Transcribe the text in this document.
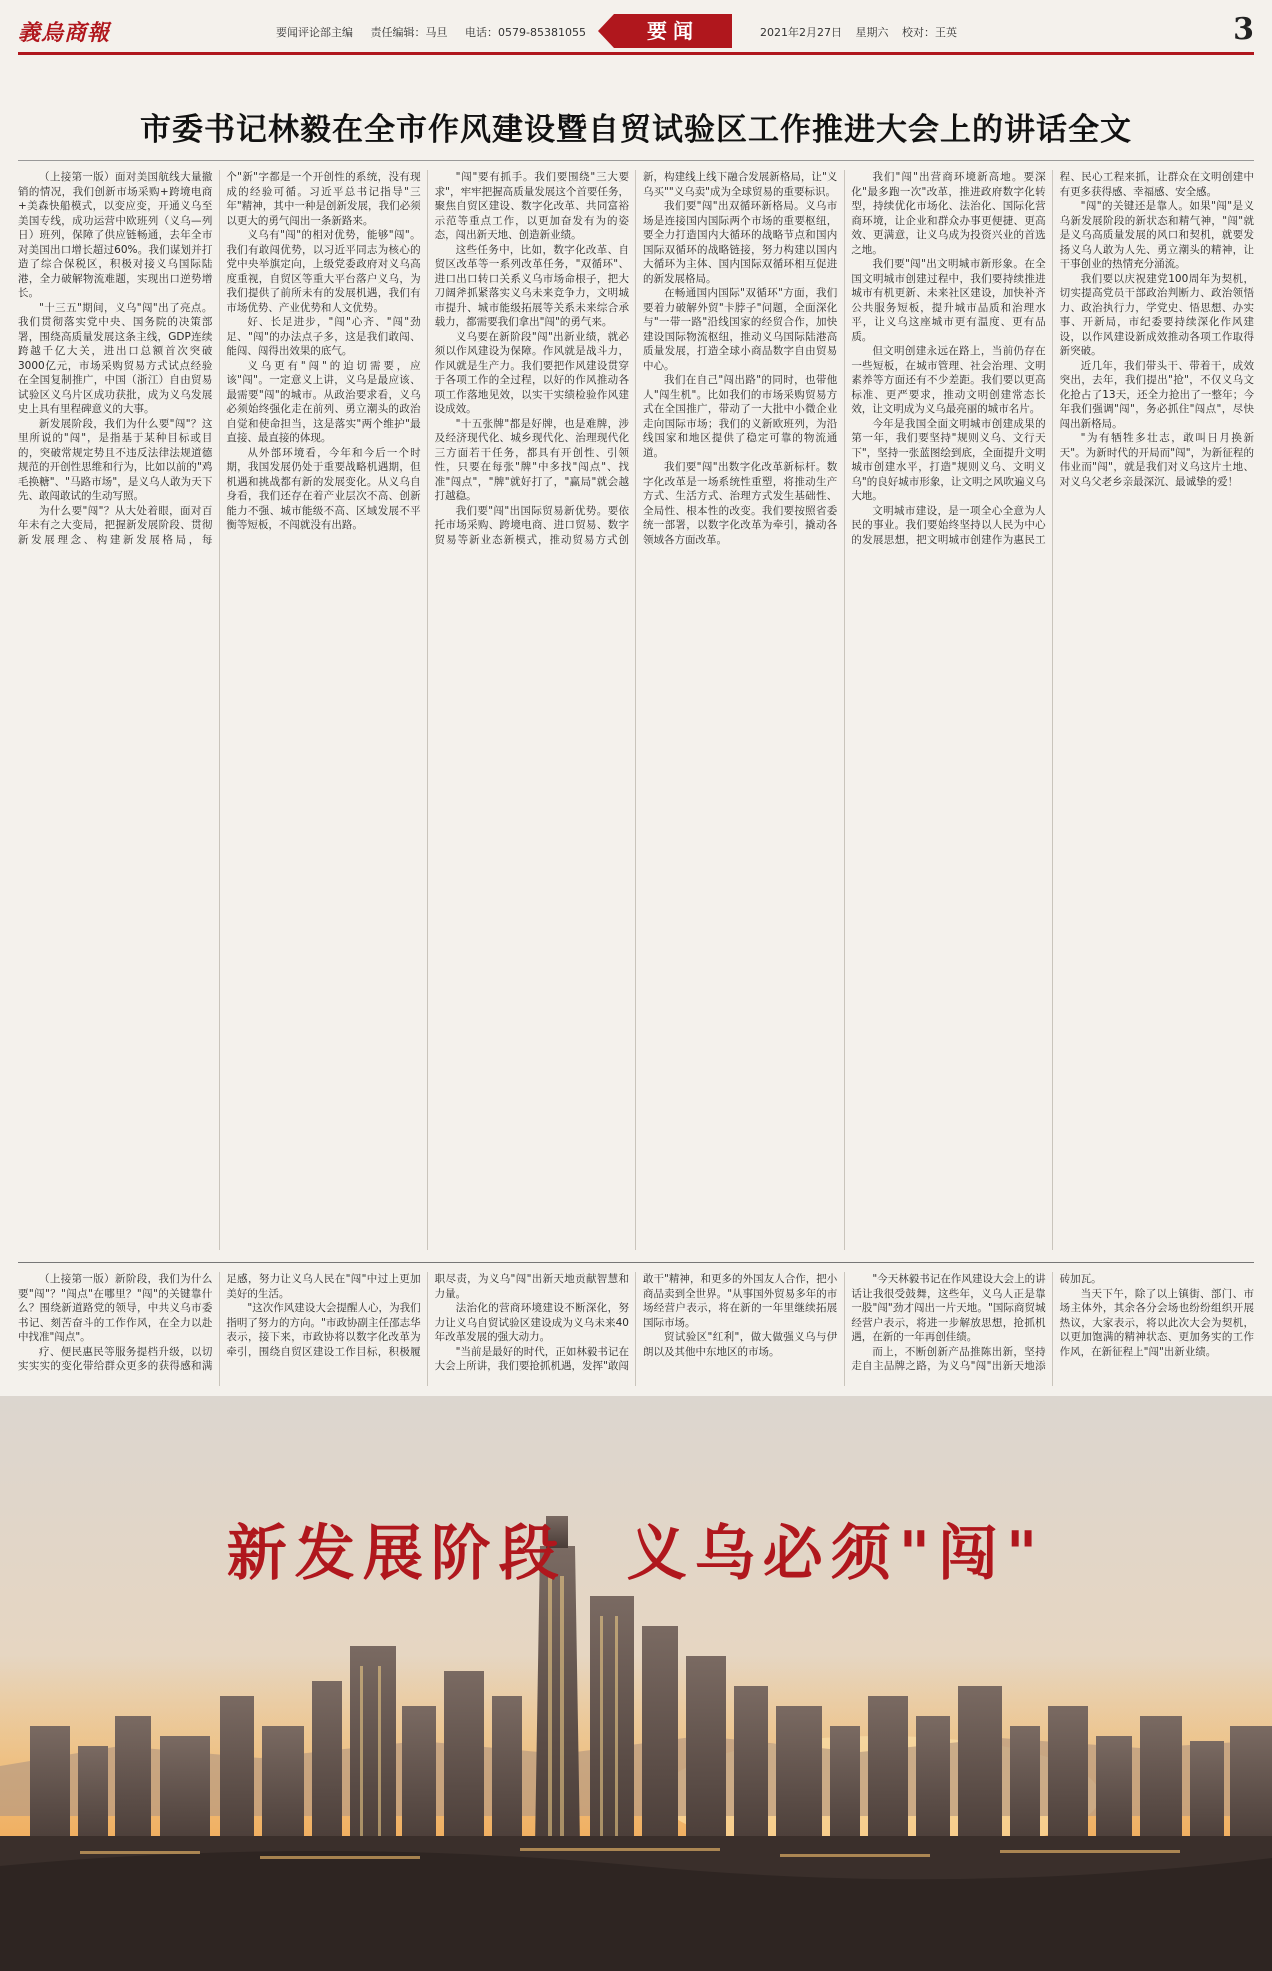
義烏商報	要闻评论部主编 责任编辑：马旦 电话：0579-85381055	要闻	2021年2月27日 星期六 校对：王英	3
市委书记林毅在全市作风建设暨自贸试验区工作推进大会上的讲话全文

（上接第一版）面对美国航线大量撤销的情况，我们创新市场采购+跨境电商+美森快船模式，以变应变，开通义乌至美国专线，成功运营中欧班列（义乌—列日）班列，保障了供应链畅通，去年全市对美国出口增长超过60%。我们谋划并打造了综合保税区，积极对接义乌国际陆港，全力破解物流难题，实现出口逆势增长。

"十三五"期间，义乌"闯"出了亮点。我们贯彻落实党中央、国务院的决策部署，围绕高质量发展这条主线，GDP连续跨越千亿大关，进出口总额首次突破3000亿元，市场采购贸易方式试点经验在全国复制推广，中国（浙江）自由贸易试验区义乌片区成功获批，成为义乌发展史上具有里程碑意义的大事。

新发展阶段，我们为什么要"闯"？这里所说的"闯"，是指基于某种目标或目的，突破常规定势且不违反法律法规道德规范的开创性思维和行为，比如以前的"鸡毛换糖"、"马路市场"，是义乌人敢为天下先、敢闯敢试的生动写照。

为什么要"闯"？从大处着眼，面对百年未有之大变局，把握新发展阶段、贯彻新发展理念、构建新发展格局，每个"新"字都是一个开创性的系统，没有现成的经验可循。习近平总书记指导"三年"精神，其中一种是创新发展，我们必须以更大的勇气闯出一条新路来。

义乌有"闯"的相对优势，能够"闯"。我们有敢闯优势，以习近平同志为核心的党中央举旗定向，上级党委政府对义乌高度重视，自贸区等重大平台落户义乌，为我们提供了前所未有的发展机遇，我们有市场优势、产业优势和人文优势。

好、长足进步，"闯"心齐、"闯"劲足、"闯"的办法点子多，这是我们敢闯、能闯、闯得出效果的底气。

义乌更有"闯"的迫切需要，应该"闯"。一定意义上讲，义乌是最应该、最需要"闯"的城市。从政治要求看，义乌必须始终强化走在前列、勇立潮头的政治自觉和使命担当，这是落实"两个维护"最直接、最直接的体现。

从外部环境看，今年和今后一个时期，我国发展仍处于重要战略机遇期，但机遇和挑战都有新的发展变化。从义乌自身看，我们还存在着产业层次不高、创新能力不强、城市能级不高、区域发展不平衡等短板，不闯就没有出路。

"闯"要有抓手。我们要围绕"三大要求"，牢牢把握高质量发展这个首要任务，聚焦自贸区建设、数字化改革、共同富裕示范等重点工作，以更加奋发有为的姿态，闯出新天地、创造新业绩。

这些任务中，比如，数字化改革、自贸区改革等一系列改革任务，"双循环"、进口出口转口关系义乌市场命根子，把大刀阔斧抓紧落实义乌未来竞争力，文明城市提升、城市能级拓展等关系未来综合承载力，都需要我们拿出"闯"的勇气来。

义乌要在新阶段"闯"出新业绩，就必须以作风建设为保障。作风就是战斗力，作风就是生产力。我们要把作风建设贯穿于各项工作的全过程，以好的作风推动各项工作落地见效，以实干实绩检验作风建设成效。

"十五张牌"都是好牌，也是难牌，涉及经济现代化、城乡现代化、治理现代化三方面若干任务，都具有开创性、引领性，只要在每张"牌"中多找"闯点"、找准"闯点"，"牌"就好打了，"赢局"就会越打越稳。

我们要"闯"出国际贸易新优势。要依托市场采购、跨境电商、进口贸易、数字贸易等新业态新模式，推动贸易方式创新，构建线上线下融合发展新格局，让"义乌买""义乌卖"成为全球贸易的重要标识。

我们要"闯"出双循环新格局。义乌市场是连接国内国际两个市场的重要枢纽，要全力打造国内大循环的战略节点和国内国际双循环的战略链接，努力构建以国内大循环为主体、国内国际双循环相互促进的新发展格局。

在畅通国内国际"双循环"方面，我们要着力破解外贸"卡脖子"问题，全面深化与"一带一路"沿线国家的经贸合作，加快建设国际物流枢纽，推动义乌国际陆港高质量发展，打造全球小商品数字自由贸易中心。

我们在自己"闯出路"的同时，也带他人"闯生机"。比如我们的市场采购贸易方式在全国推广，带动了一大批中小微企业走向国际市场；我们的义新欧班列，为沿线国家和地区提供了稳定可靠的物流通道。

我们要"闯"出数字化改革新标杆。数字化改革是一场系统性重塑，将推动生产方式、生活方式、治理方式发生基础性、全局性、根本性的改变。我们要按照省委统一部署，以数字化改革为牵引，撬动各领域各方面改革。

我们"闯"出营商环境新高地。要深化"最多跑一次"改革，推进政府数字化转型，持续优化市场化、法治化、国际化营商环境，让企业和群众办事更便捷、更高效、更满意，让义乌成为投资兴业的首选之地。

我们要"闯"出文明城市新形象。在全国文明城市创建过程中，我们要持续推进城市有机更新、未来社区建设，加快补齐公共服务短板，提升城市品质和治理水平，让义乌这座城市更有温度、更有品质。

但文明创建永远在路上，当前仍存在一些短板，在城市管理、社会治理、文明素养等方面还有不少差距。我们要以更高标准、更严要求，推动文明创建常态长效，让文明成为义乌最亮丽的城市名片。

今年是我国全面文明城市创建成果的第一年，我们要坚持"规则义乌、文行天下"，坚持一张蓝图绘到底，全面提升文明城市创建水平，打造"规则义乌、文明义乌"的良好城市形象，让文明之风吹遍义乌大地。

文明城市建设，是一项全心全意为人民的事业。我们要始终坚持以人民为中心的发展思想，把文明城市创建作为惠民工程、民心工程来抓，让群众在文明创建中有更多获得感、幸福感、安全感。

"闯"的关键还是靠人。如果"闯"是义乌新发展阶段的新状态和精气神，"闯"就是义乌高质量发展的风口和契机，就要发扬义乌人敢为人先、勇立潮头的精神，让干事创业的热情充分涌流。

我们要以庆祝建党100周年为契机，切实提高党员干部政治判断力、政治领悟力、政治执行力，学党史、悟思想、办实事、开新局，市纪委要持续深化作风建设，以作风建设新成效推动各项工作取得新突破。

近几年，我们带头干、带着干，成效突出，去年，我们提出"抢"，不仅义乌文化抢占了13天，还全力抢出了一整年；今年我们强调"闯"，务必抓住"闯点"，尽快闯出新格局。

"为有牺牲多壮志，敢叫日月换新天"。为新时代的开局而"闯"，为新征程的伟业而"闯"，就是我们对义乌这片土地、对义乌父老乡亲最深沉、最诚挚的爱！

（上接第一版）新阶段，我们为什么要"闯"？"闯点"在哪里？"闯"的关键靠什么？围绕新道路党的领导，中共义乌市委书记、刻苦奋斗的工作作风，在全力以赴中找准"闯点"。

疗、便民惠民等服务提档升级，以切实实实的变化带给群众更多的获得感和满足感，努力让义乌人民在"闯"中过上更加美好的生活。

"这次作风建设大会提醒人心，为我们指明了努力的方向。"市政协副主任邵志华表示，接下来，市政协将以数字化改革为牵引，围绕自贸区建设工作目标，积极履职尽责，为义乌"闯"出新天地贡献智慧和力量。

法治化的营商环境建设不断深化，努力让义乌自贸试验区建设成为义乌未来40年改革发展的强大动力。

"当前是最好的时代，正如林毅书记在大会上所讲，我们要抢抓机遇，发挥"敢闯敢干"精神，和更多的外国友人合作，把小商品卖到全世界。"从事国外贸易多年的市场经营户表示，将在新的一年里继续拓展国际市场。

贸试验区"红利"，做大做强义乌与伊朗以及其他中东地区的市场。

"今天林毅书记在作风建设大会上的讲话让我很受鼓舞，这些年，义乌人正是靠一股"闯"劲才闯出一片天地。"国际商贸城经营户表示，将进一步解放思想，抢抓机遇，在新的一年再创佳绩。

而上，不断创新产品推陈出新，坚持走自主品牌之路，为义乌"闯"出新天地添砖加瓦。

当天下午，除了以上镇街、部门、市场主体外，其余各分会场也纷纷组织开展热议，大家表示，将以此次大会为契机，以更加饱满的精神状态、更加务实的工作作风，在新征程上"闯"出新业绩。

新发展阶段 义乌必须"闯"
